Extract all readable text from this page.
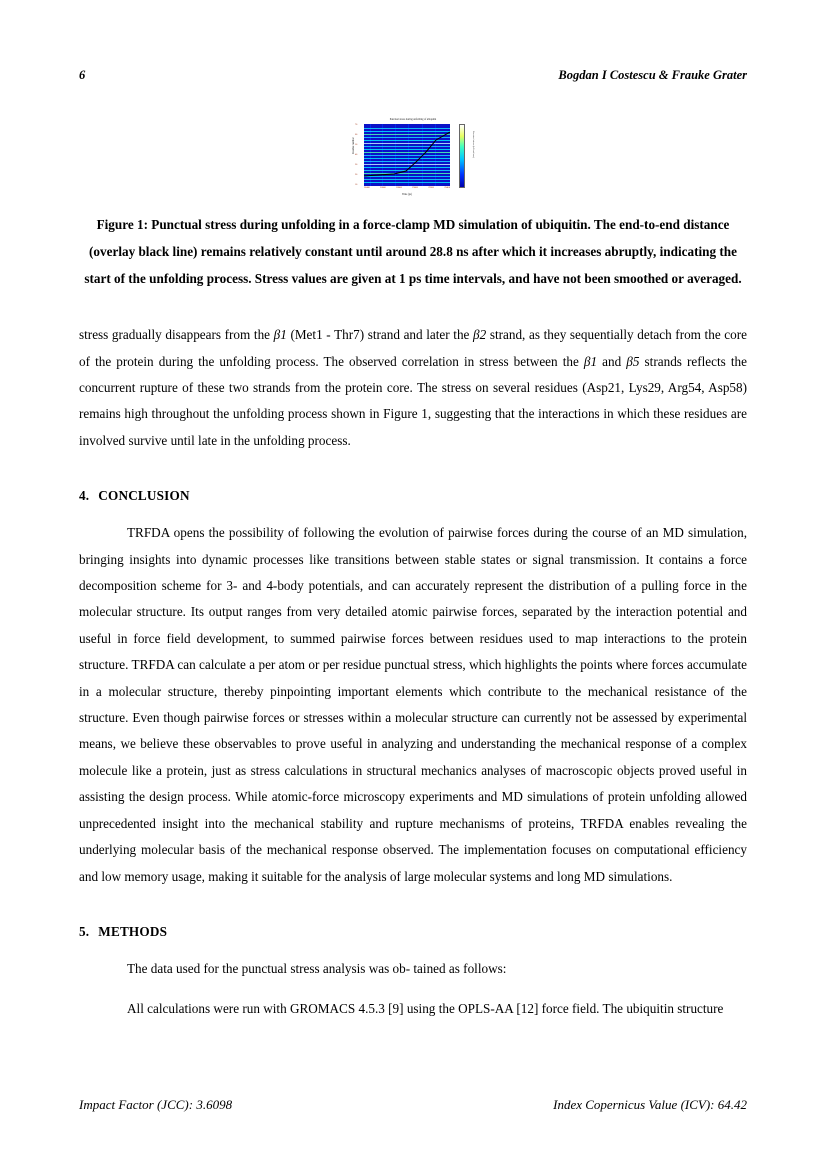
6	Bogdan I Costescu & Frauke Grater
Punctual stress during unfolding of ubiquitin
Residue number
70
60
50
40
30
20
10
Punctual stress (kJ/mol/nm)
28400	28600	28800	29000	29200	29400
Time (ps)
Figure 1: Punctual stress during unfolding in a force-clamp MD simulation of ubiquitin. The end-to-end distance (overlay black line) remains relatively constant until around 28.8 ns after which it increases abruptly, indicating the start of the unfolding process. Stress values are given at 1 ps time intervals, and have not been smoothed or averaged.

stress gradually disappears from the β1 (Met1 - Thr7) strand and later the β2 strand, as they sequentially detach from the core of the protein during the unfolding process. The observed correlation in stress between the β1 and β5 strands reflects the concurrent rupture of these two strands from the protein core. The stress on several residues (Asp21, Lys29, Arg54, Asp58) remains high throughout the unfolding process shown in Figure 1, suggesting that the interactions in which these residues are involved survive until late in the unfolding process.

4. CONCLUSION

TRFDA opens the possibility of following the evolution of pairwise forces during the course of an MD simulation, bringing insights into dynamic processes like transitions between stable states or signal transmission. It contains a force decomposition scheme for 3- and 4-body potentials, and can accurately represent the distribution of a pulling force in the molecular structure. Its output ranges from very detailed atomic pairwise forces, separated by the interaction potential and useful in force field development, to summed pairwise forces between residues used to map interactions to the protein structure. TRFDA can calculate a per atom or per residue punctual stress, which highlights the points where forces accumulate in a molecular structure, thereby pinpointing important elements which contribute to the mechanical resistance of the structure. Even though pairwise forces or stresses within a molecular structure can currently not be assessed by experimental means, we believe these observables to prove useful in analyzing and understanding the mechanical response of a complex molecule like a protein, just as stress calculations in structural mechanics analyses of macroscopic objects proved useful in assisting the design process. While atomic-force microscopy experiments and MD simulations of protein unfolding allowed unprecedented insight into the mechanical stability and rupture mechanisms of proteins, TRFDA enables revealing the underlying molecular basis of the mechanical response observed. The implementation focuses on computational efficiency and low memory usage, making it suitable for the analysis of large molecular systems and long MD simulations.

5. METHODS

The data used for the punctual stress analysis was ob- tained as follows:

All calculations were run with GROMACS 4.5.3 [9] using the OPLS-AA [12] force field. The ubiquitin structure

Impact Factor (JCC): 3.6098	Index Copernicus Value (ICV): 64.42
